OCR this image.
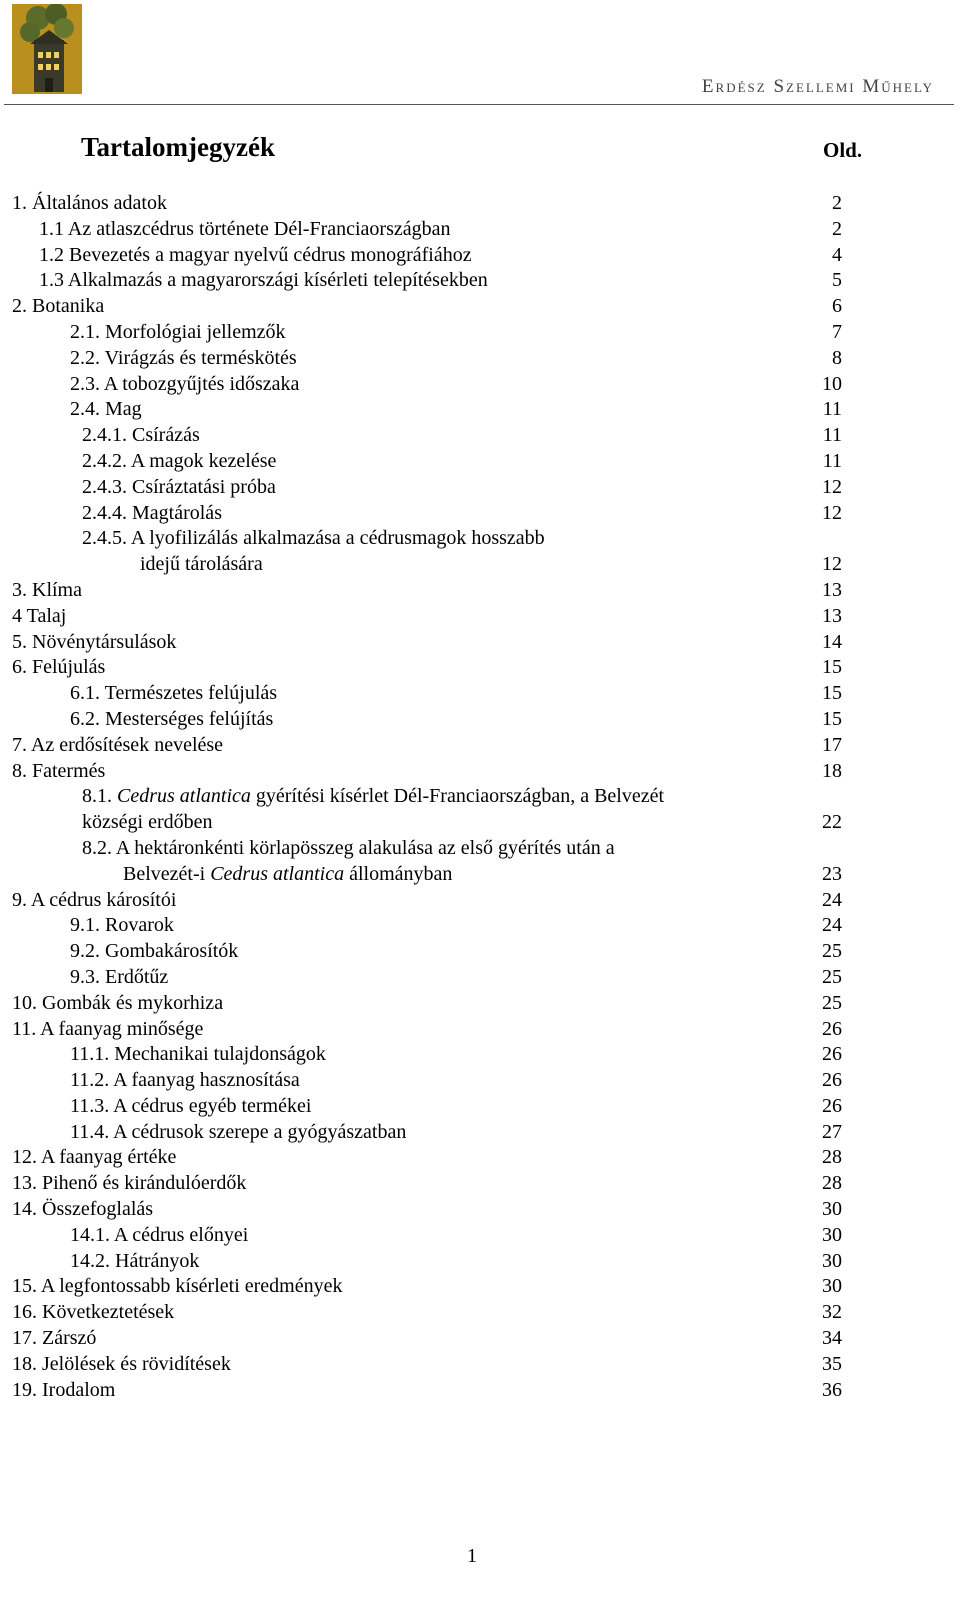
Erdész Szellemi Műhely
Tartalomjegyzék	Old.
1. Általános adatok	2
1.1 Az atlaszcédrus története Dél-Franciaországban	2
1.2 Bevezetés a magyar nyelvű cédrus monográfiához	4
1.3 Alkalmazás a magyarországi kísérleti telepítésekben	5
2. Botanika	6
2.1. Morfológiai jellemzők	7
2.2. Virágzás és terméskötés	8
2.3. A tobozgyűjtés időszaka	10
2.4. Mag	11
2.4.1. Csírázás	11
2.4.2. A magok kezelése	11
2.4.3. Csíráztatási próba	12
2.4.4. Magtárolás	12
2.4.5. A lyofilizálás alkalmazása a cédrusmagok hosszabb
idejű tárolására	12
3. Klíma	13
4 Talaj	13
5. Növénytársulások	14
6. Felújulás	15
6.1. Természetes felújulás	15
6.2. Mesterséges felújítás	15
7. Az erdősítések nevelése	17
8. Fatermés	18
8.1. Cedrus atlantica gyérítési kísérlet Dél-Franciaországban, a Belvezét
községi erdőben	22
8.2. A hektáronkénti körlapösszeg alakulása az első gyérítés után a
Belvezét-i Cedrus atlantica állományban	23
9. A cédrus károsítói	24
9.1. Rovarok	24
9.2. Gombakárosítók	25
9.3. Erdőtűz	25
10. Gombák és mykorhiza	25
11. A faanyag minősége	26
11.1. Mechanikai tulajdonságok	26
11.2. A faanyag hasznosítása	26
11.3. A cédrus egyéb termékei	26
11.4. A cédrusok szerepe a gyógyászatban	27
12. A faanyag értéke	28
13. Pihenő és kirándulóerdők	28
14. Összefoglalás	30
14.1. A cédrus előnyei	30
14.2. Hátrányok	30
15. A legfontossabb kísérleti eredmények	30
16. Következtetések	32
17. Zárszó	34
18. Jelölések és rövidítések	35
19. Irodalom	36
1
